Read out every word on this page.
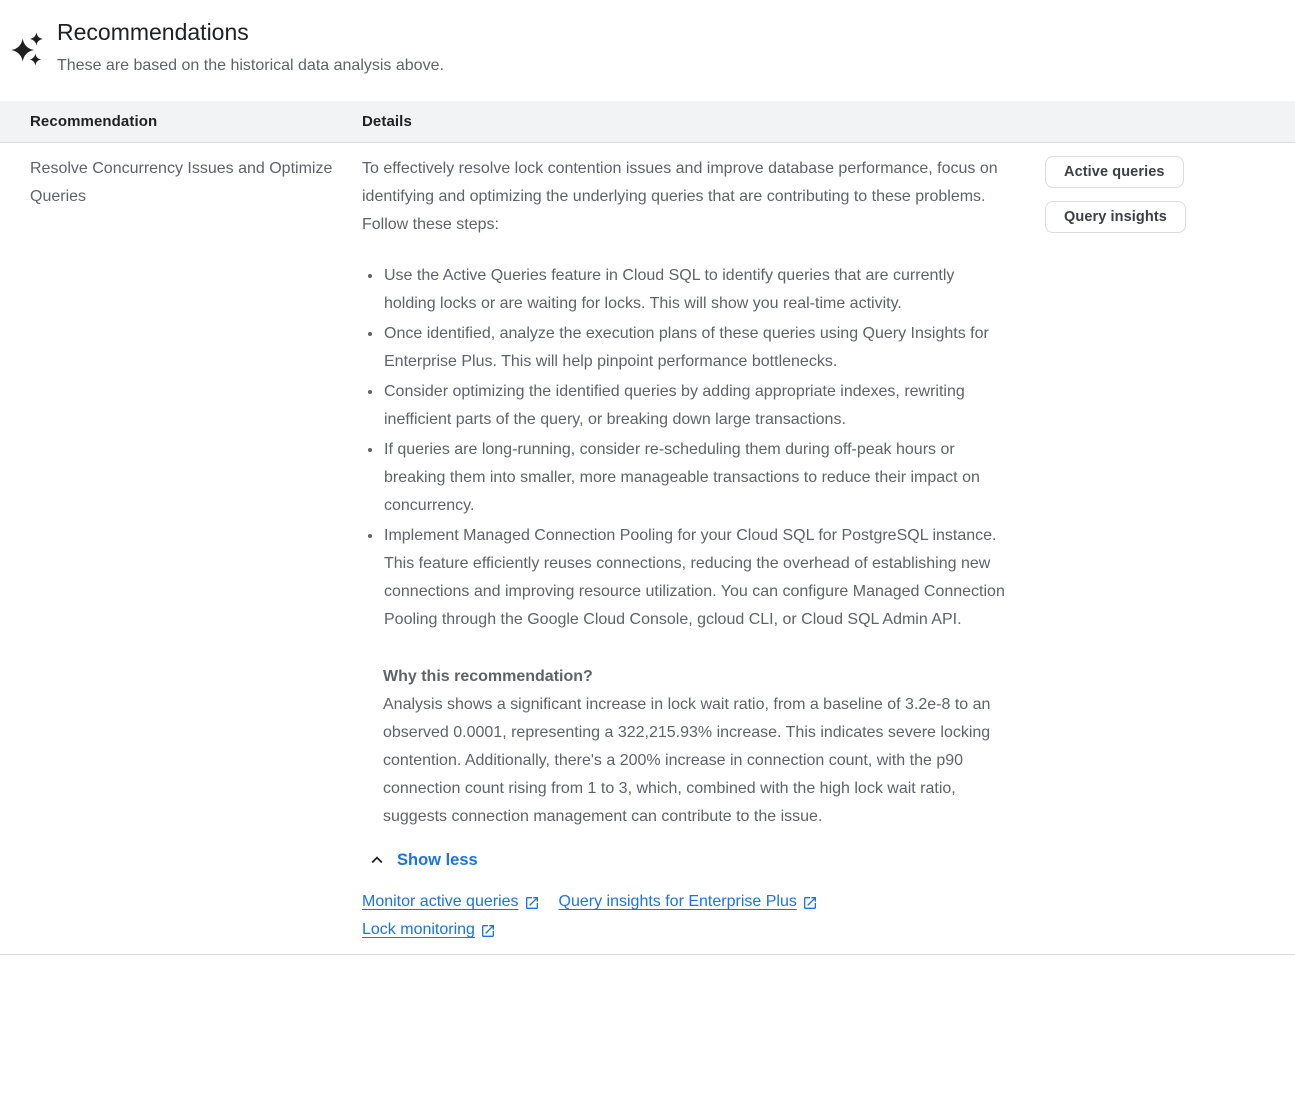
Recommendations
These are based on the historical data analysis above.
Recommendation	Details
Resolve Concurrency Issues and Optimize Queries

To effectively resolve lock contention issues and improve database performance, focus on identifying and optimizing the underlying queries that are contributing to these problems. Follow these steps:

• Use the Active Queries feature in Cloud SQL to identify queries that are currently holding locks or are waiting for locks. This will show you real-time activity.
• Once identified, analyze the execution plans of these queries using Query Insights for Enterprise Plus. This will help pinpoint performance bottlenecks.
• Consider optimizing the identified queries by adding appropriate indexes, rewriting inefficient parts of the query, or breaking down large transactions.
• If queries are long-running, consider re-scheduling them during off-peak hours or breaking them into smaller, more manageable transactions to reduce their impact on concurrency.
• Implement Managed Connection Pooling for your Cloud SQL for PostgreSQL instance. This feature efficiently reuses connections, reducing the overhead of establishing new connections and improving resource utilization. You can configure Managed Connection Pooling through the Google Cloud Console, gcloud CLI, or Cloud SQL Admin API.
Why this recommendation?
Analysis shows a significant increase in lock wait ratio, from a baseline of 3.2e-8 to an observed 0.0001, representing a 322,215.93% increase. This indicates severe locking contention. Additionally, there's a 200% increase in connection count, with the p90 connection count rising from 1 to 3, which, combined with the high lock wait ratio, suggests connection management can contribute to the issue.
Show less
Monitor active queries	Query insights for Enterprise Plus
Lock monitoring
Active queries
Query insights
